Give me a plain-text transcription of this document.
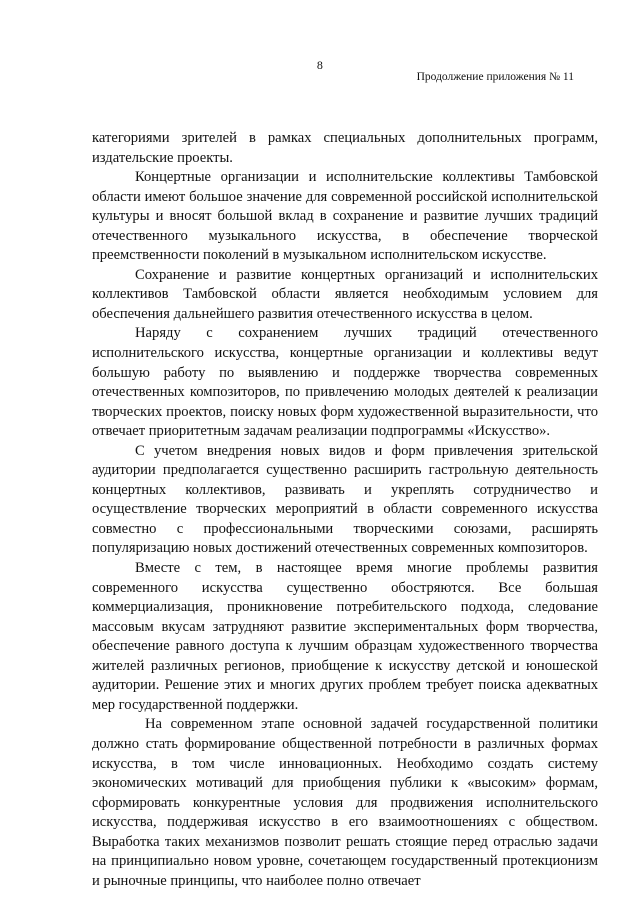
8
Продолжение приложения № 11

категориями зрителей в рамках специальных дополнительных программ, издательские проекты.

Концертные организации и исполнительские коллективы Тамбовской области имеют большое значение для современной российской исполнительской культуры и вносят большой вклад в сохранение и развитие лучших традиций отечественного музыкального искусства, в обеспечение творческой преемственности поколений в музыкальном исполнительском искусстве.

Сохранение и развитие концертных организаций и исполнительских коллективов Тамбовской области является необходимым условием для обеспечения дальнейшего развития отечественного искусства в целом.

Наряду с сохранением лучших традиций отечественного исполнительского искусства, концертные организации и коллективы ведут большую работу по выявлению и поддержке творчества современных отечественных композиторов, по привлечению молодых деятелей к реализации творческих проектов, поиску новых форм художественной выразительности, что отвечает приоритетным задачам реализации подпрограммы «Искусство».

С учетом внедрения новых видов и форм привлечения зрительской аудитории предполагается существенно расширить гастрольную деятельность концертных коллективов, развивать и укреплять сотрудничество и осуществление творческих мероприятий в области современного искусства совместно с профессиональными творческими союзами, расширять популяризацию новых достижений отечественных современных композиторов.

Вместе с тем, в настоящее время многие проблемы развития современного искусства существенно обостряются. Все большая коммерциализация, проникновение потребительского подхода, следование массовым вкусам затрудняют развитие экспериментальных форм творчества, обеспечение равного доступа к лучшим образцам художественного творчества жителей различных регионов, приобщение к искусству детской и юношеской аудитории. Решение этих и многих других проблем требует поиска адекватных мер государственной поддержки.

На современном этапе основной задачей государственной политики должно стать формирование общественной потребности в различных формах искусства, в том числе инновационных. Необходимо создать систему экономических мотиваций для приобщения публики к «высоким» формам, сформировать конкурентные условия для продвижения исполнительского искусства, поддерживая искусство в его взаимоотношениях с обществом. Выработка таких механизмов позволит решать стоящие перед отраслью задачи на принципиально новом уровне, сочетающем государственный протекционизм и рыночные принципы, что наиболее полно отвечает
